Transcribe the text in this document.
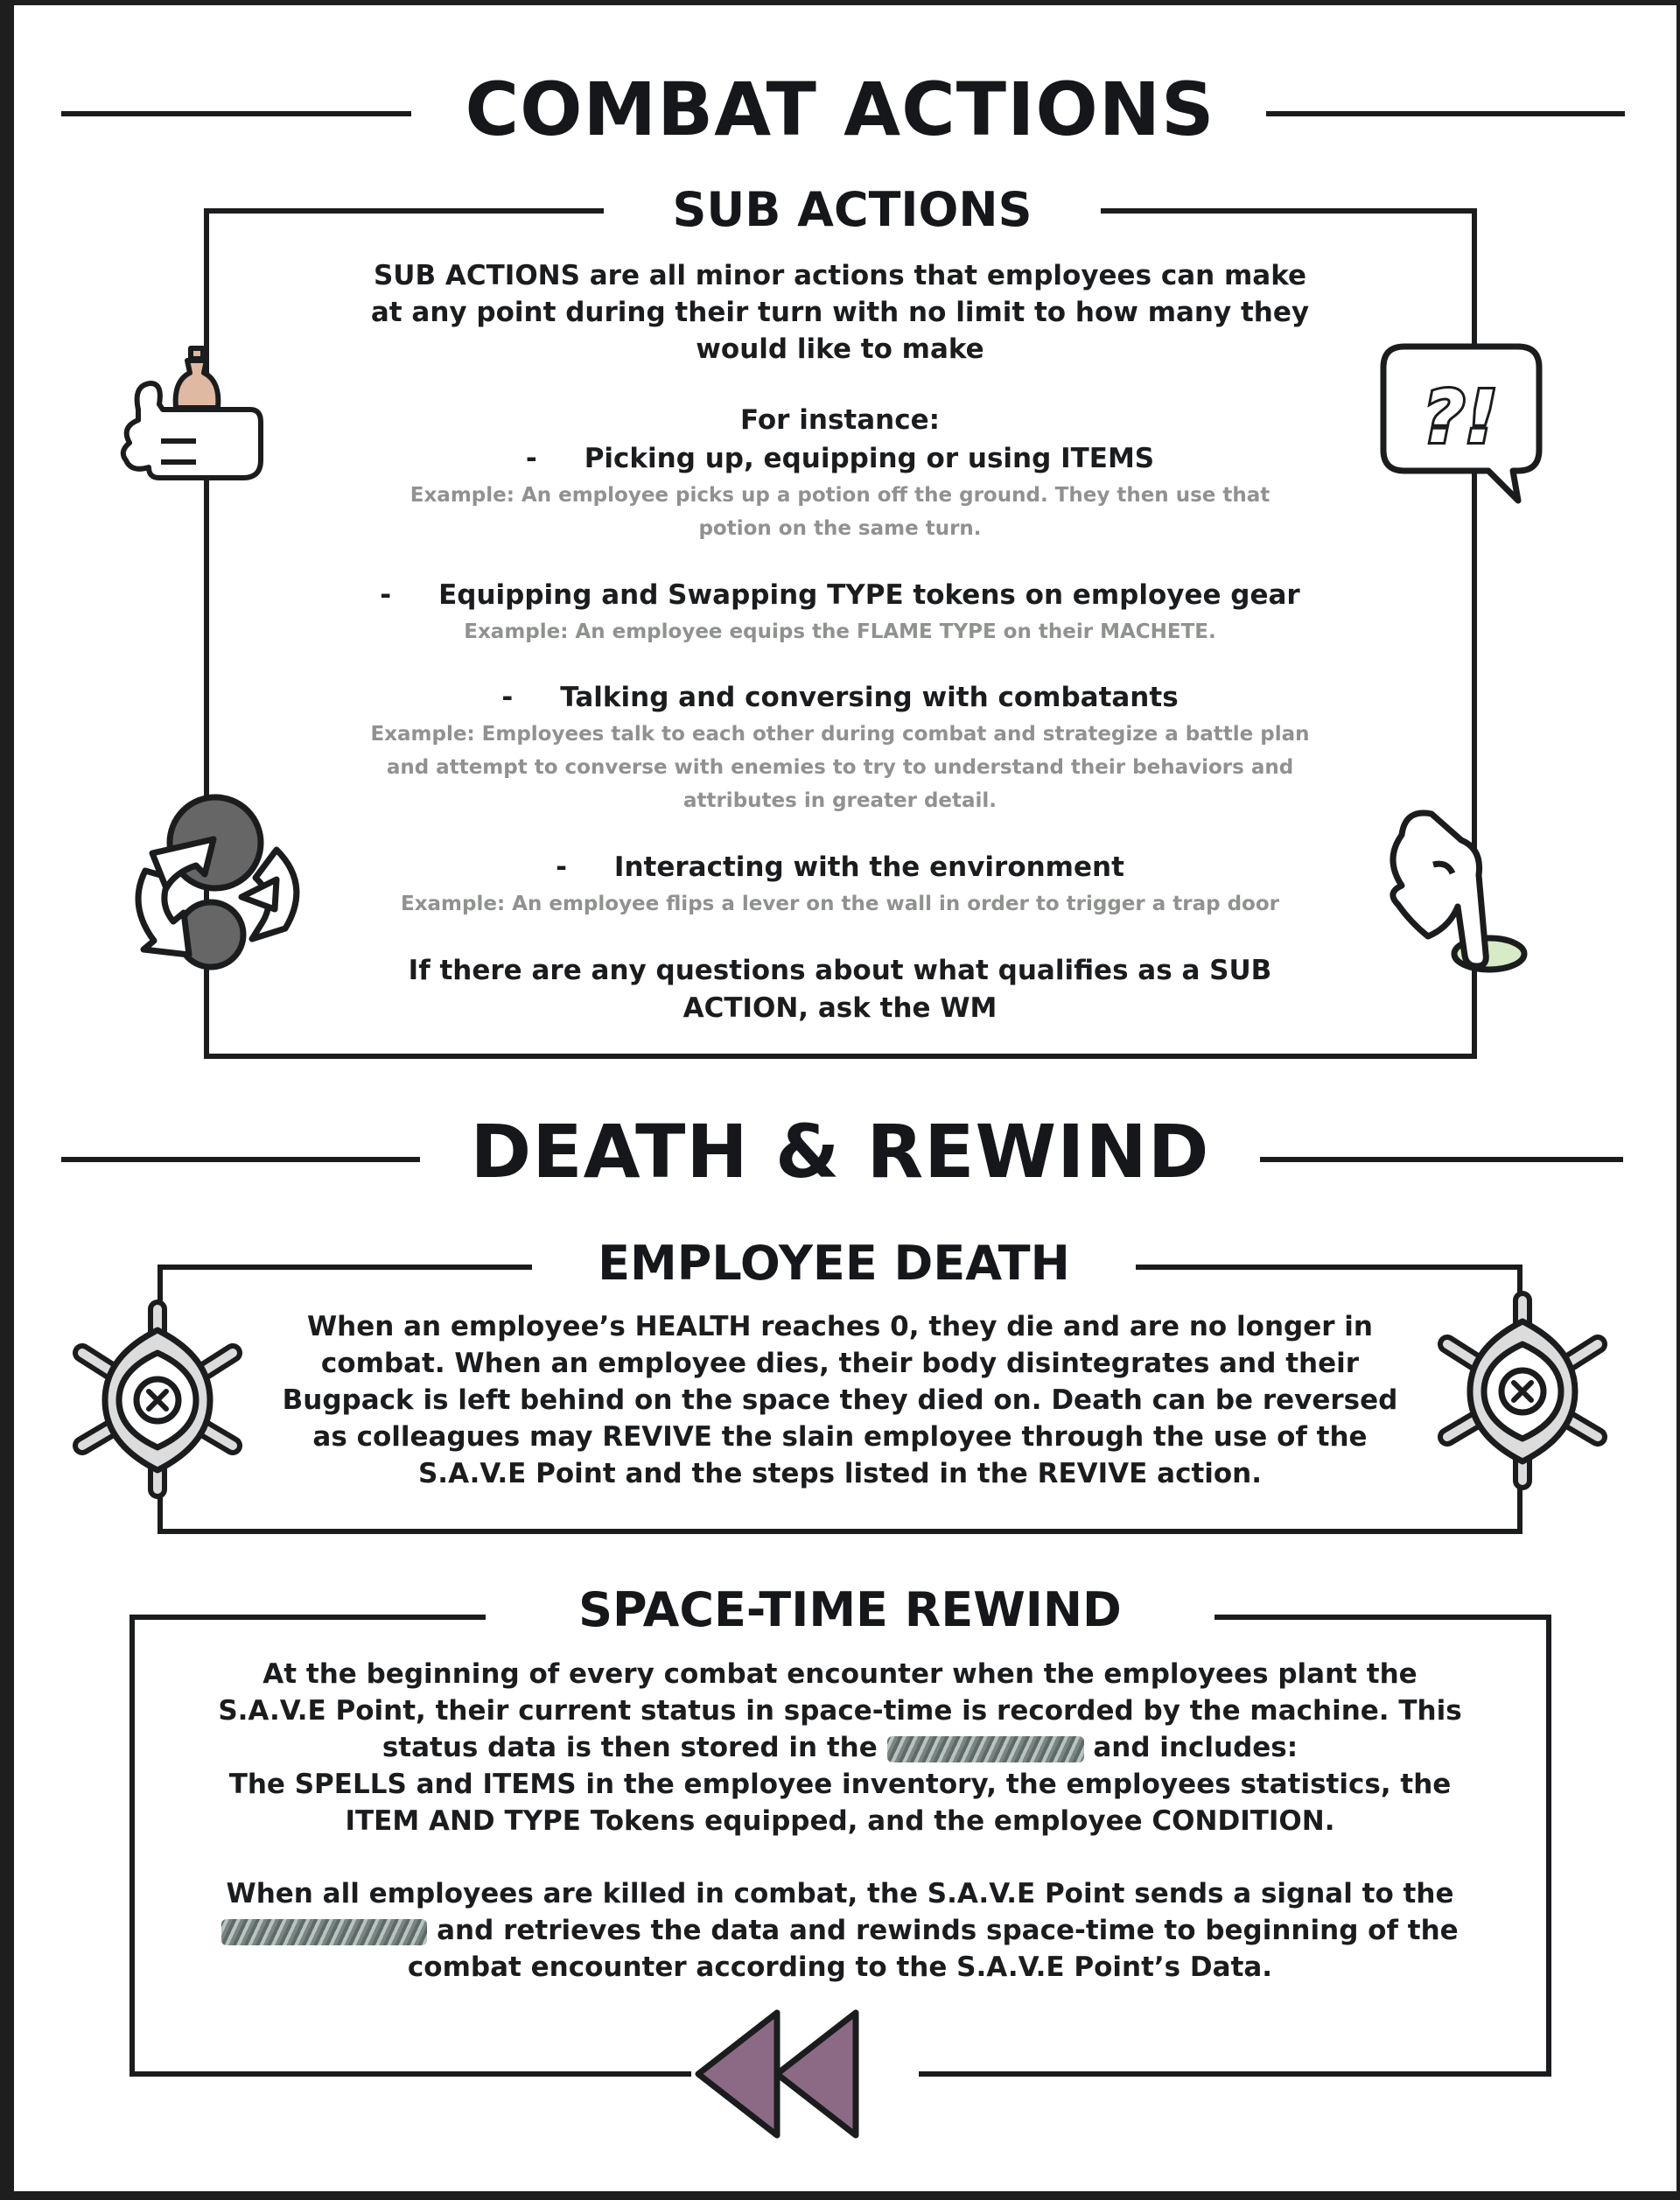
COMBAT ACTIONS
SUB ACTIONS
SUB ACTIONS are all minor actions that employees can make at any point during their turn with no limit to how many they would like to make
For instance:
- Picking up, equipping or using ITEMS
Example: An employee picks up a potion off the ground. They then use that potion on the same turn.
- Equipping and Swapping TYPE tokens on employee gear
Example: An employee equips the FLAME TYPE on their MACHETE.
- Talking and conversing with combatants
Example: Employees talk to each other during combat and strategize a battle plan and attempt to converse with enemies to try to understand their behaviors and attributes in greater detail.
- Interacting with the environment
Example: An employee flips a lever on the wall in order to trigger a trap door
If there are any questions about what qualifies as a SUB ACTION, ask the WM
?!
DEATH & REWIND
EMPLOYEE DEATH
When an employee’s HEALTH reaches 0, they die and are no longer in combat. When an employee dies, their body disintegrates and their Bugpack is left behind on the space they died on. Death can be reversed as colleagues may REVIVE the slain employee through the use of the S.A.V.E Point and the steps listed in the REVIVE action.
SPACE-TIME REWIND
At the beginning of every combat encounter when the employees plant the
S.A.V.E Point, their current status in space-time is recorded by the machine. This
status data is then stored in the	and includes:
The SPELLS and ITEMS in the employee inventory, the employees statistics, the
ITEM AND TYPE Tokens equipped, and the employee CONDITION.
When all employees are killed in combat, the S.A.V.E Point sends a signal to the
and retrieves the data and rewinds space-time to beginning of the
combat encounter according to the S.A.V.E Point’s Data.
